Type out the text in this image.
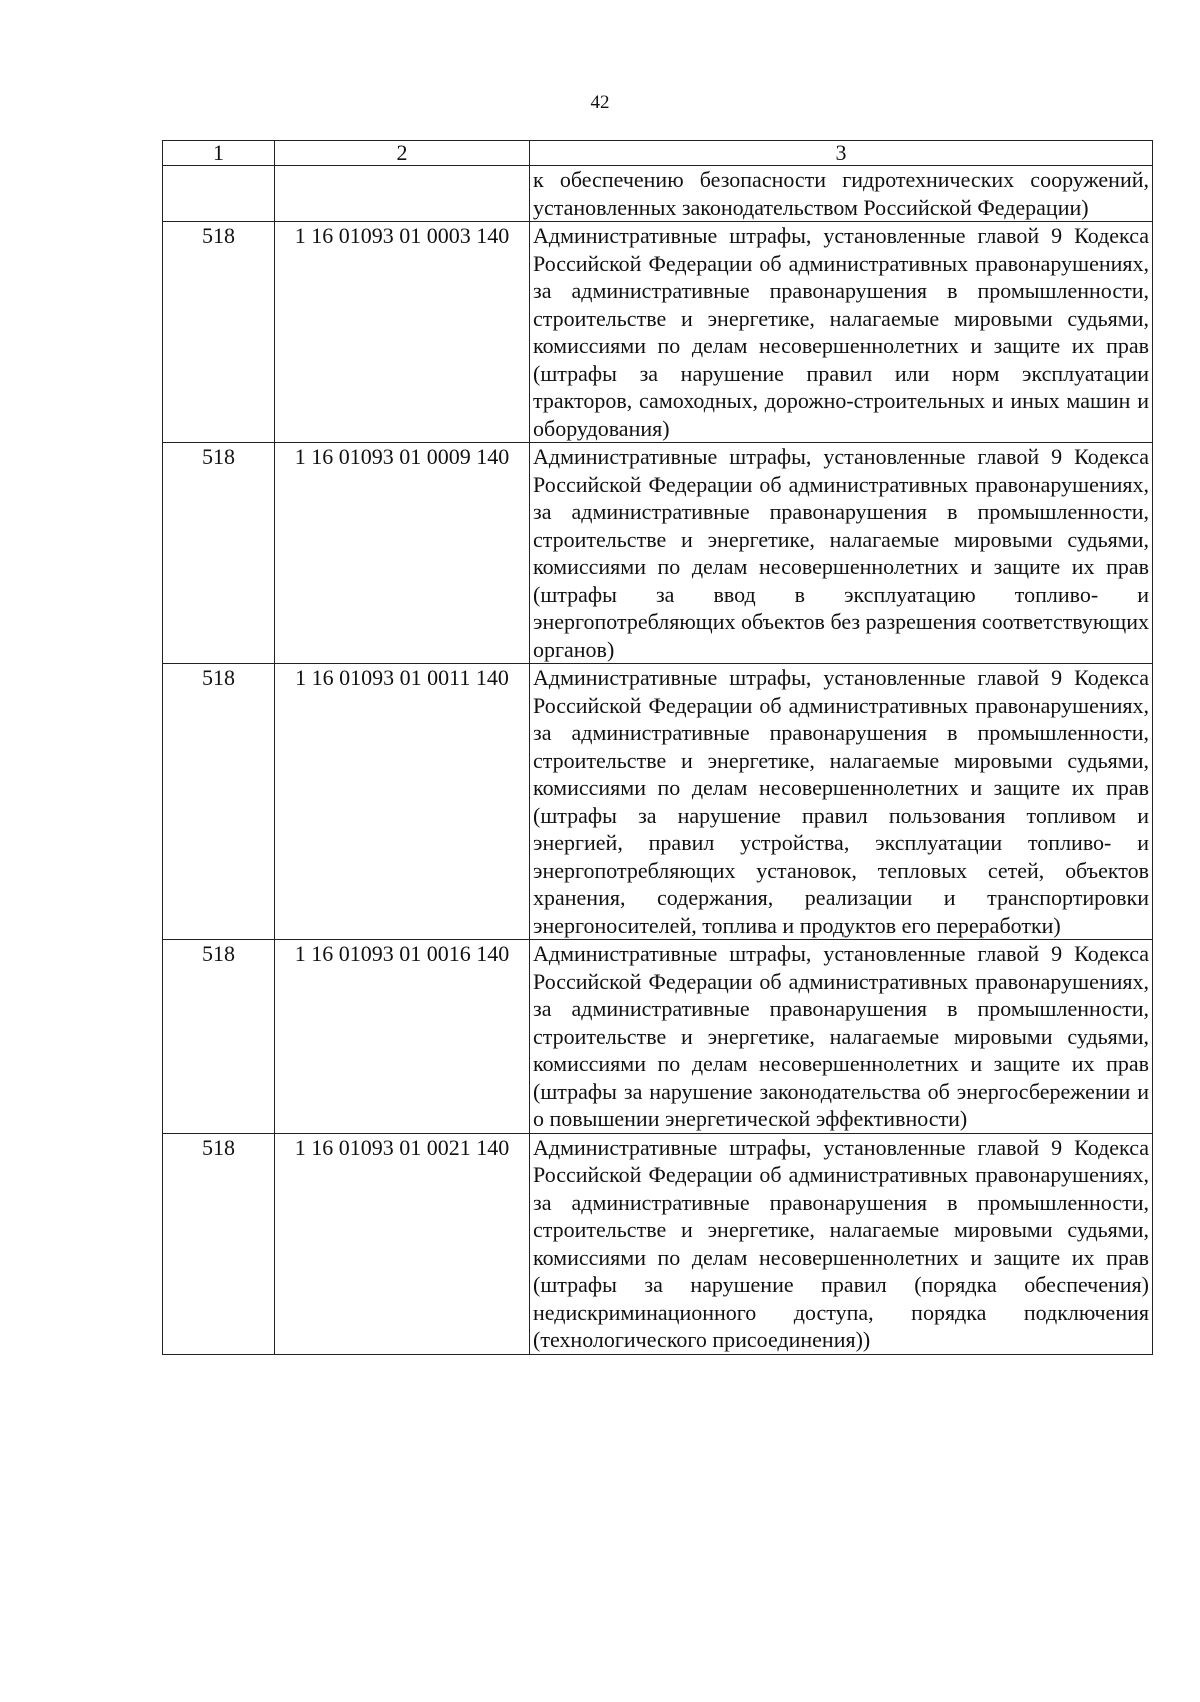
42
1	2	3
		к обеспечению безопасности гидротехнических сооружений, установленных законодательством Российской Федерации)
518	1 16 01093 01 0003 140	Административные штрафы, установленные главой 9 Кодекса Российской Федерации об административных правонарушениях, за административные правонарушения в промышленности, строительстве и энергетике, налагаемые мировыми судьями, комиссиями по делам несовершеннолетних и защите их прав (штрафы за нарушение правил или норм эксплуатации тракторов, самоходных, дорожно-строительных и иных машин и оборудования)
518	1 16 01093 01 0009 140	Административные штрафы, установленные главой 9 Кодекса Российской Федерации об административных правонарушениях, за административные правонарушения в промышленности, строительстве и энергетике, налагаемые мировыми судьями, комиссиями по делам несовершеннолетних и защите их прав (штрафы за ввод в эксплуатацию топливо- и энергопотребляющих объектов без разрешения соответствующих органов)
518	1 16 01093 01 0011 140	Административные штрафы, установленные главой 9 Кодекса Российской Федерации об административных правонарушениях, за административные правонарушения в промышленности, строительстве и энергетике, налагаемые мировыми судьями, комиссиями по делам несовершеннолетних и защите их прав (штрафы за нарушение правил пользования топливом и энергией, правил устройства, эксплуатации топливо- и энергопотребляющих установок, тепловых сетей, объектов хранения, содержания, реализации и транспортировки энергоносителей, топлива и продуктов его переработки)
518	1 16 01093 01 0016 140	Административные штрафы, установленные главой 9 Кодекса Российской Федерации об административных правонарушениях, за административные правонарушения в промышленности, строительстве и энергетике, налагаемые мировыми судьями, комиссиями по делам несовершеннолетних и защите их прав (штрафы за нарушение законодательства об энергосбережении и о повышении энергетической эффективности)
518	1 16 01093 01 0021 140	Административные штрафы, установленные главой 9 Кодекса Российской Федерации об административных правонарушениях, за административные правонарушения в промышленности, строительстве и энергетике, налагаемые мировыми судьями, комиссиями по делам несовершеннолетних и защите их прав (штрафы за нарушение правил (порядка обеспечения) недискриминационного доступа, порядка подключения (технологического присоединения))
